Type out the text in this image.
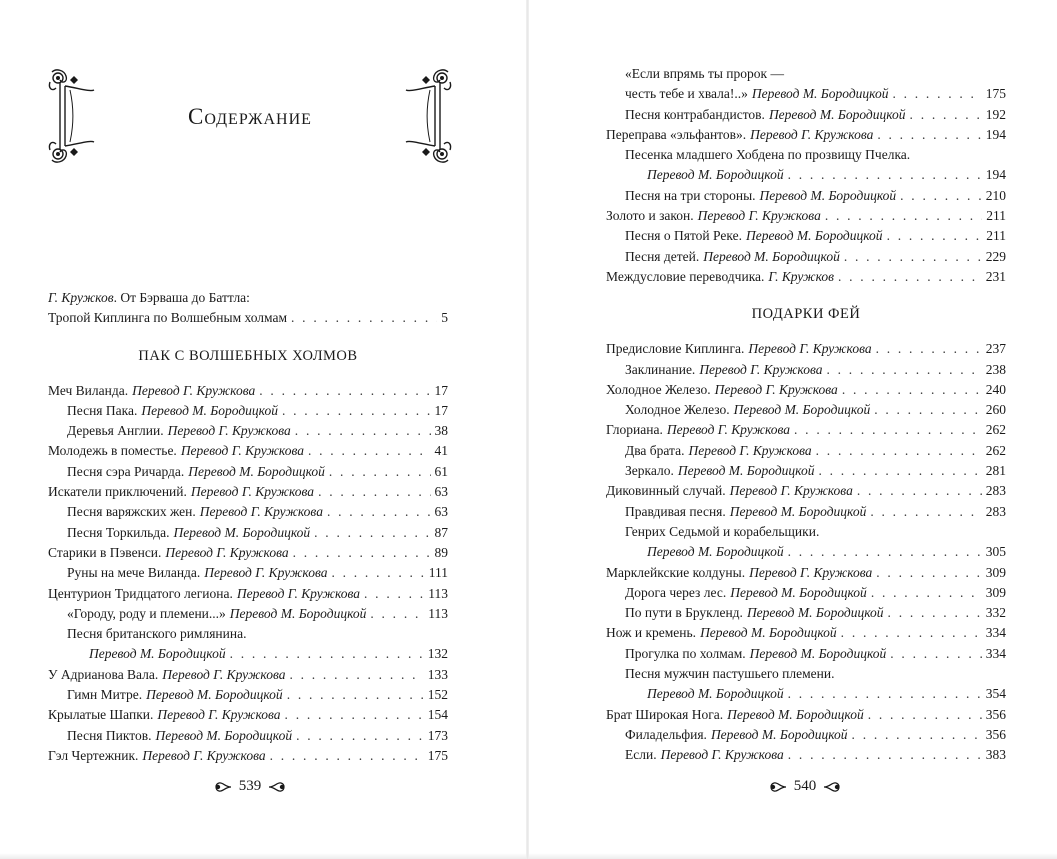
Содержание
Г. Кружков . От Бэрваша до Баттла:
Тропой Киплинга по Волшебным холмам . . .	5
ПАК С ВОЛШЕБНЫХ ХОЛМОВ
Меч Виланда. Перевод Г. Кружкова . . .	17
Песня Пака. Перевод М. Бородицкой . . .	17
Деревья Англии. Перевод Г. Кружкова . . .	38
Молодежь в поместье. Перевод Г. Кружкова . . .	41
Песня сэра Ричарда. Перевод М. Бородицкой . . .	61
Искатели приключений. Перевод Г. Кружкова . . .	63
Песня варяжских жен. Перевод Г. Кружкова . . .	63
Песня Торкильда. Перевод М. Бородицкой . . .	87
Старики в Пэвенси. Перевод Г. Кружкова . . .	89
Руны на мече Виланда. Перевод Г. Кружкова . . .	111
Центурион Тридцатого легиона. Перевод Г. Кружкова . . .	113
«Городу, роду и племени...» Перевод М. Бородицкой . . .	113
Песня британского римлянина.
Перевод М. Бородицкой . . .	132
У Адрианова Вала. Перевод Г. Кружкова . . .	133
Гимн Митре. Перевод М. Бородицкой . . .	152
Крылатые Шапки. Перевод Г. Кружкова . . .	154
Песня Пиктов. Перевод М. Бородицкой . . .	173
Гэл Чертежник. Перевод Г. Кружкова . . .	175
539
«Если впрямь ты пророк —
честь тебе и хвала!..» Перевод М. Бородицкой . . .	175
Песня контрабандистов. Перевод М. Бородицкой . . .	192
Переправа «эльфантов». Перевод Г. Кружкова . . .	194
Песенка младшего Хобдена по прозвищу Пчелка.
Перевод М. Бородицкой . . .	194
Песня на три стороны. Перевод М. Бородицкой . . .	210
Золото и закон. Перевод Г. Кружкова . . .	211
Песня о Пятой Реке. Перевод М. Бородицкой . . .	211
Песня детей. Перевод М. Бородицкой . . .	229
Междусловие переводчика. Г. Кружков . . .	231
ПОДАРКИ ФЕЙ
Предисловие Киплинга. Перевод Г. Кружкова . . .	237
Заклинание. Перевод Г. Кружкова . . .	238
Холодное Железо. Перевод Г. Кружкова . . .	240
Холодное Железо. Перевод М. Бородицкой . . .	260
Глориана. Перевод Г. Кружкова . . .	262
Два брата. Перевод Г. Кружкова . . .	262
Зеркало. Перевод М. Бородицкой . . .	281
Диковинный случай. Перевод Г. Кружкова . . .	283
Правдивая песня. Перевод М. Бородицкой . . .	283
Генрих Седьмой и корабельщики.
Перевод М. Бородицкой . . .	305
Марклейкские колдуны. Перевод Г. Кружкова . . .	309
Дорога через лес. Перевод М. Бородицкой . . .	309
По пути в Брукленд. Перевод М. Бородицкой . . .	332
Нож и кремень. Перевод М. Бородицкой . . .	334
Прогулка по холмам. Перевод М. Бородицкой . . .	334
Песня мужчин пастушьего племени.
Перевод М. Бородицкой . . .	354
Брат Широкая Нога. Перевод М. Бородицкой . . .	356
Филадельфия. Перевод М. Бородицкой . . .	356
Если. Перевод Г. Кружкова . . .	383
540
